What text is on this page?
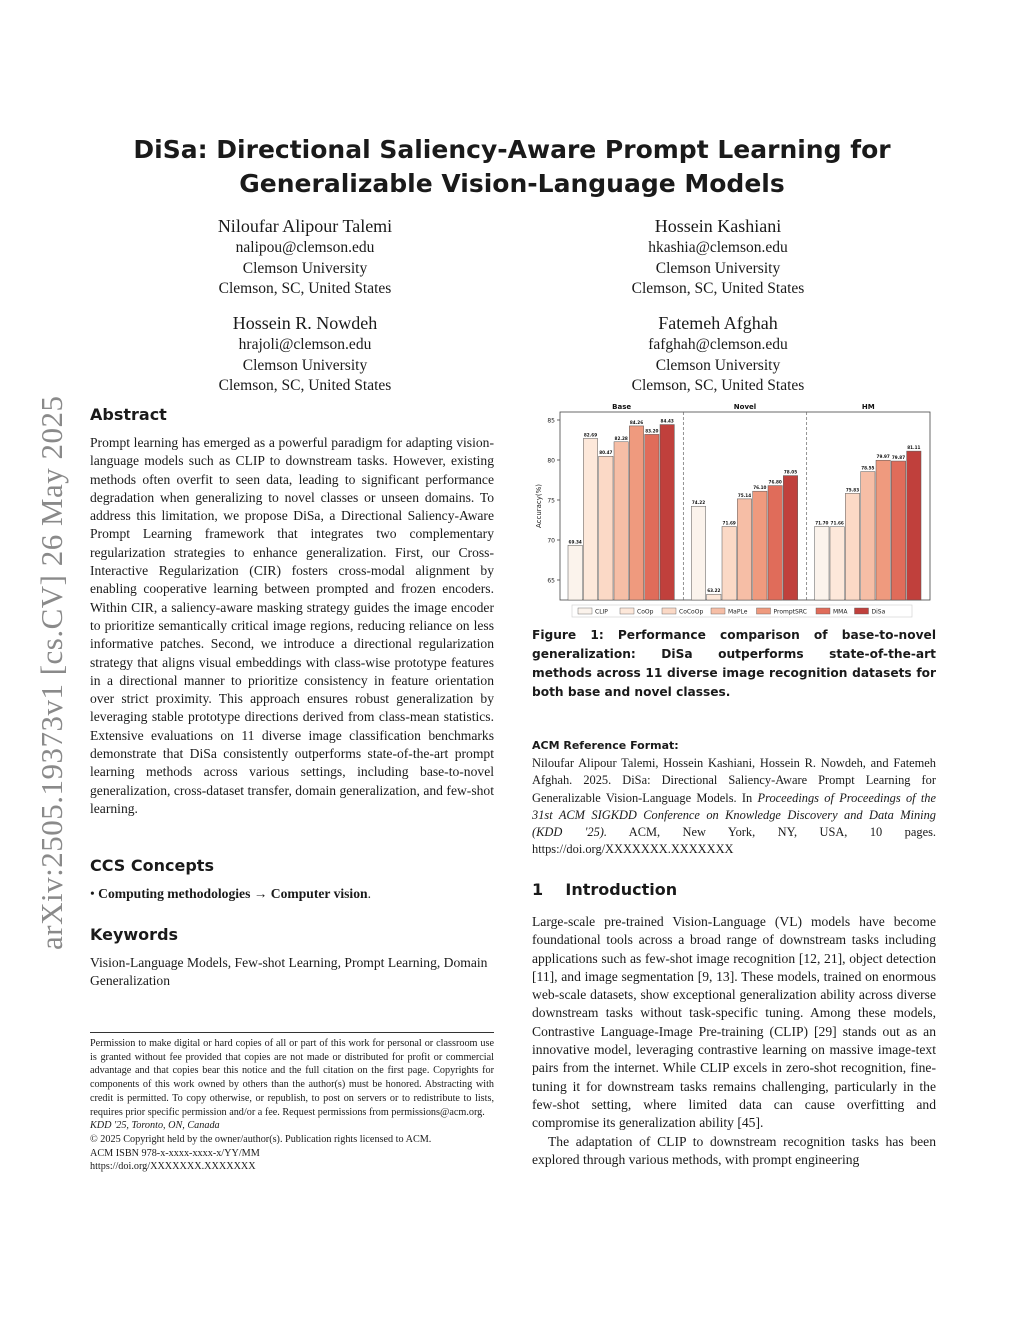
arXiv:2505.19373v1 [cs.CV] 26 May 2025
DiSa: Directional Saliency-Aware Prompt Learning for Generalizable Vision-Language Models
Niloufar Alipour Talemi
nalipou@clemson.edu
Clemson University
Clemson, SC, United States
Hossein Kashiani
hkashia@clemson.edu
Clemson University
Clemson, SC, United States
Hossein R. Nowdeh
hrajoli@clemson.edu
Clemson University
Clemson, SC, United States
Fatemeh Afghah
fafghah@clemson.edu
Clemson University
Clemson, SC, United States
Abstract

Prompt learning has emerged as a powerful paradigm for adapting vision-language models such as CLIP to downstream tasks. However, existing methods often overfit to seen data, leading to significant performance degradation when generalizing to novel classes or unseen domains. To address this limitation, we propose DiSa, a Directional Saliency-Aware Prompt Learning framework that integrates two complementary regularization strategies to enhance generalization. First, our Cross-Interactive Regularization (CIR) fosters cross-modal alignment by enabling cooperative learning between prompted and frozen encoders. Within CIR, a saliency-aware masking strategy guides the image encoder to prioritize semantically critical image regions, reducing reliance on less informative patches. Second, we introduce a directional regularization strategy that aligns visual embeddings with class-wise prototype features in a directional manner to prioritize consistency in feature orientation over strict proximity. This approach ensures robust generalization by leveraging stable prototype directions derived from class-mean statistics. Extensive evaluations on 11 diverse image classification benchmarks demonstrate that DiSa consistently outperforms state-of-the-art prompt learning methods across various settings, including base-to-novel generalization, cross-dataset transfer, domain generalization, and few-shot learning.

CCS Concepts

• Computing methodologies → Computer vision.

Keywords

Vision-Language Models, Few-shot Learning, Prompt Learning, Domain Generalization

Permission to make digital or hard copies of all or part of this work for personal or classroom use is granted without fee provided that copies are not made or distributed for profit or commercial advantage and that copies bear this notice and the full citation on the first page. Copyrights for components of this work owned by others than the author(s) must be honored. Abstracting with credit is permitted. To copy otherwise, or republish, to post on servers or to redistribute to lists, requires prior specific permission and/or a fee. Request permissions from permissions@acm.org.

KDD '25, Toronto, ON, Canada

© 2025 Copyright held by the owner/author(s). Publication rights licensed to ACM.

ACM ISBN 978-x-xxxx-xxxx-x/YY/MM

https://doi.org/XXXXXXX.XXXXXXX

65
70
75
80
85
Accuracy(%)
Base
69.34
82.69
80.47
82.28
84.26
83.20
84.43
Novel
74.22
63.22
71.69
75.14
76.10
76.80
78.05
HM
71.70 71.66
75.83
78.55
79.97 79.87
81.11
CLIP	CoOp	CoCoOp	MaPLe	PromptSRC	MMA	DiSa
Figure 1: Performance comparison of base-to-novel generalization: DiSa outperforms state-of-the-art methods across 11 diverse image recognition datasets for both base and novel classes.
ACM Reference Format:
Niloufar Alipour Talemi, Hossein Kashiani, Hossein R. Nowdeh, and Fatemeh Afghah. 2025. DiSa: Directional Saliency-Aware Prompt Learning for Generalizable Vision-Language Models. In Proceedings of Proceedings of the 31st ACM SIGKDD Conference on Knowledge Discovery and Data Mining (KDD '25). ACM, New York, NY, USA, 10 pages. https://doi.org/XXXXXXX.XXXXXXX
1 Introduction

Large-scale pre-trained Vision-Language (VL) models have become foundational tools across a broad range of downstream tasks including applications such as few-shot image recognition [12, 21], object detection [11], and image segmentation [9, 13]. These models, trained on enormous web-scale datasets, show exceptional generalization ability across diverse downstream tasks without task-specific tuning. Among these models, Contrastive Language-Image Pre-training (CLIP) [29] stands out as an innovative model, leveraging contrastive learning on massive image-text pairs from the internet. While CLIP excels in zero-shot recognition, fine-tuning it for downstream tasks remains challenging, particularly in the few-shot setting, where limited data can cause overfitting and compromise its generalization ability [45].

The adaptation of CLIP to downstream recognition tasks has been explored through various methods, with prompt engineering
